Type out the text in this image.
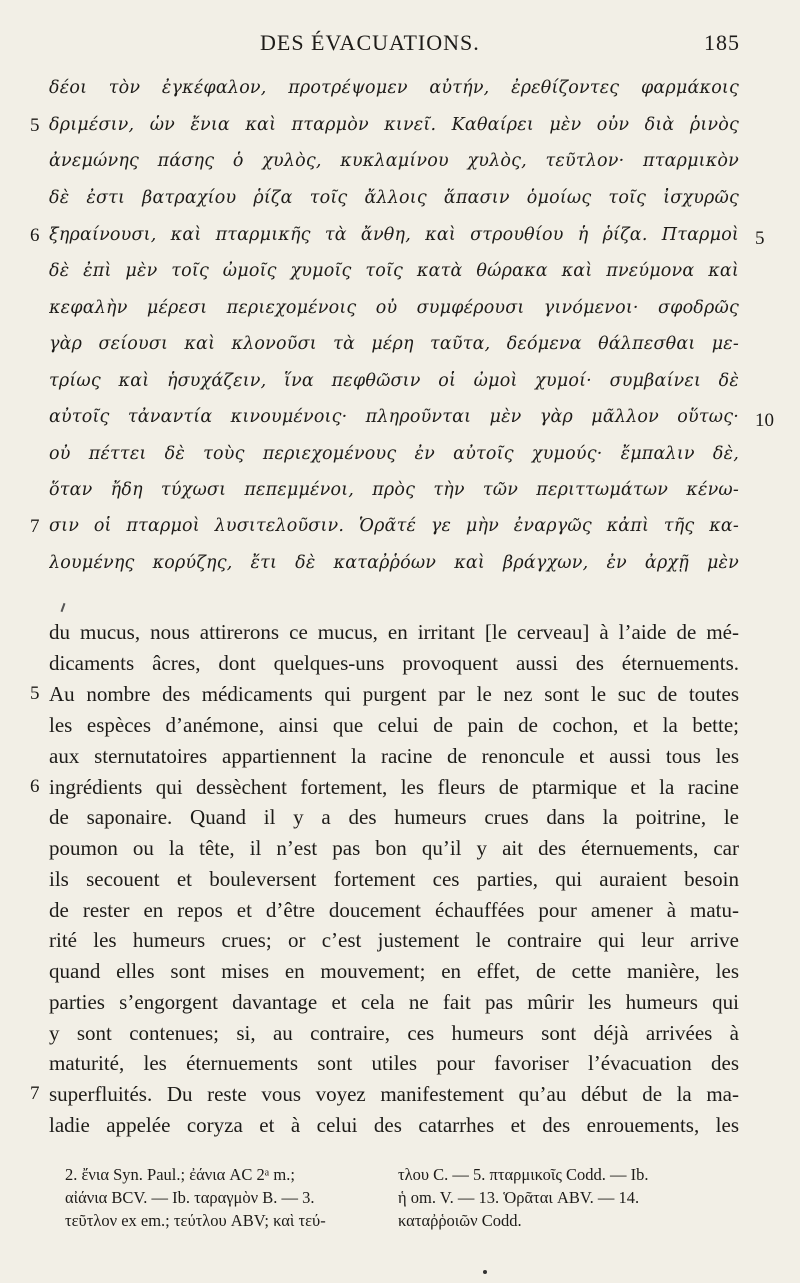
DES ÉVACUATIONS.	185
δέοι τὸν ἐγκέφαλον, προτρέψομεν αὐτήν, ἐρεθίζοντες φαρμάκοις
δριμέσιν, ὧν ἔνια καὶ πταρμὸν κινεῖ. Καθαίρει μὲν οὖν διὰ ῥινὸς
ἀνεμώνης πάσης ὁ χυλὸς, κυκλαμίνου χυλὸς, τεῦτλον· πταρμικὸν
δὲ ἐστι βατραχίου ῥίζα τοῖς ἄλλοις ἅπασιν ὁμοίως τοῖς ἰσχυρῶς
ξηραίνουσι, καὶ πταρμικῆς τὰ ἄνθη, καὶ στρουθίου ἡ ῥίζα. Πταρμοὶ
δὲ ἐπὶ μὲν τοῖς ὠμοῖς χυμοῖς τοῖς κατὰ θώρακα καὶ πνεύμονα καὶ
κεφαλὴν μέρεσι περιεχομένοις οὐ συμφέρουσι γινόμενοι· σφοδρῶς
γὰρ σείουσι καὶ κλονοῦσι τὰ μέρη ταῦτα, δεόμενα θάλπεσθαι με-
τρίως καὶ ἡσυχάζειν, ἵνα πεφθῶσιν οἱ ὠμοὶ χυμοί· συμβαίνει δὲ
αὐτοῖς τἀναντία κινουμένοις· πληροῦνται μὲν γὰρ μᾶλλον οὕτως·
οὐ πέττει δὲ τοὺς περιεχομένους ἐν αὐτοῖς χυμούς· ἔμπαλιν δὲ,
ὅταν ἤδη τύχωσι πεπεμμένοι, πρὸς τὴν τῶν περιττωμάτων κένω-
σιν οἱ πταρμοὶ λυσιτελοῦσιν. Ὁρᾶτέ γε μὴν ἐναργῶς κἀπὶ τῆς κα-
λουμένης κορύζης, ἔτι δὲ καταῤῥόων καὶ βράγχων, ἐν ἀρχῇ μὲν
5
6
7
5
10
du mucus, nous attirerons ce mucus, en irritant [le cerveau] à l’aide de mé-
dicaments âcres, dont quelques-uns provoquent aussi des éternuements.
Au nombre des médicaments qui purgent par le nez sont le suc de toutes
les espèces d’anémone, ainsi que celui de pain de cochon, et la bette;
aux sternutatoires appartiennent la racine de renoncule et aussi tous les
ingrédients qui dessèchent fortement, les fleurs de ptarmique et la racine
de saponaire. Quand il y a des humeurs crues dans la poitrine, le
poumon ou la tête, il n’est pas bon qu’il y ait des éternuements, car
ils secouent et bouleversent fortement ces parties, qui auraient besoin
de rester en repos et d’être doucement échauffées pour amener à matu-
rité les humeurs crues; or c’est justement le contraire qui leur arrive
quand elles sont mises en mouvement; en effet, de cette manière, les
parties s’engorgent davantage et cela ne fait pas mûrir les humeurs qui
y sont contenues; si, au contraire, ces humeurs sont déjà arrivées à
maturité, les éternuements sont utiles pour favoriser l’évacuation des
superfluités. Du reste vous voyez manifestement qu’au début de la ma-
ladie appelée coryza et à celui des catarrhes et des enrouements, les
5
6
7
2. ἔνια Syn. Paul.; ἐάνια AC 2ᵃ m.;
αἰάνια BCV. — Ib. ταραγμὸν B. — 3.
τεῦτλον ex em.; τεύτλου ABV; καὶ τεύ-
τλου C. — 5. πταρμικοῖς Codd. — Ib.
ἡ om. V. — 13. Ὁρᾶται ABV. — 14.
καταῤῥοιῶν Codd.
